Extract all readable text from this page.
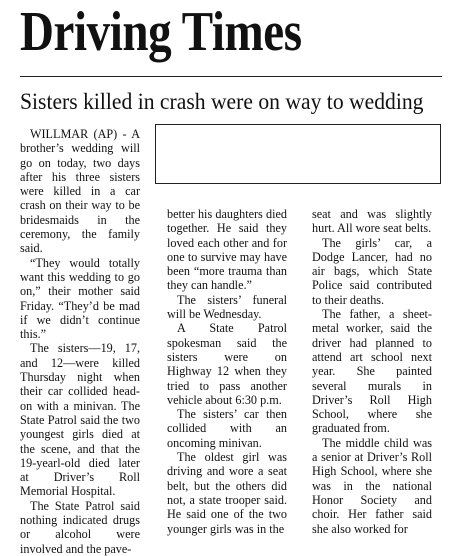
Driving Times
Sisters killed in crash were on way to wedding

WILLMAR (AP) - A brother’s wedding will go on today, two days after his three sisters were killed in a car crash on their way to be bridesmaids in the ceremony, the family said.

“They would totally want this wedding to go on,” their mother said Friday. “They’d be mad if we didn’t continue this.”

The sisters—19, 17, and 12—were killed Thursday night when their car collided head-on with a minivan. The State Patrol said the two youngest girls died at the scene, and that the 19-yearl-old died later at Driver’s Roll Memorial Hospital.

The State Patrol said nothing indicated drugs or alcohol were involved and the pave-

better his daughters died together. He said they loved each other and for one to survive may have been “more trauma than they can handle.”

The sisters’ funeral will be Wednesday.

A State Patrol spokesman said the sisters were on Highway 12 when they tried to pass another vehicle about 6:30 p.m.

The sisters’ car then collided with an oncoming minivan.

The oldest girl was driving and wore a seat belt, but the others did not, a state trooper said. He said one of the two younger girls was in the

seat and was slightly hurt. All wore seat belts.

The girls’ car, a Dodge Lancer, had no air bags, which State Police said contributed to their deaths.

The father, a sheet-metal worker, said the driver had planned to attend art school next year. She painted several murals in Driver’s Roll High School, where she graduated from.

The middle child was a senior at Driver’s Roll High School, where she was in the national Honor Society and choir. Her father said she also worked for
